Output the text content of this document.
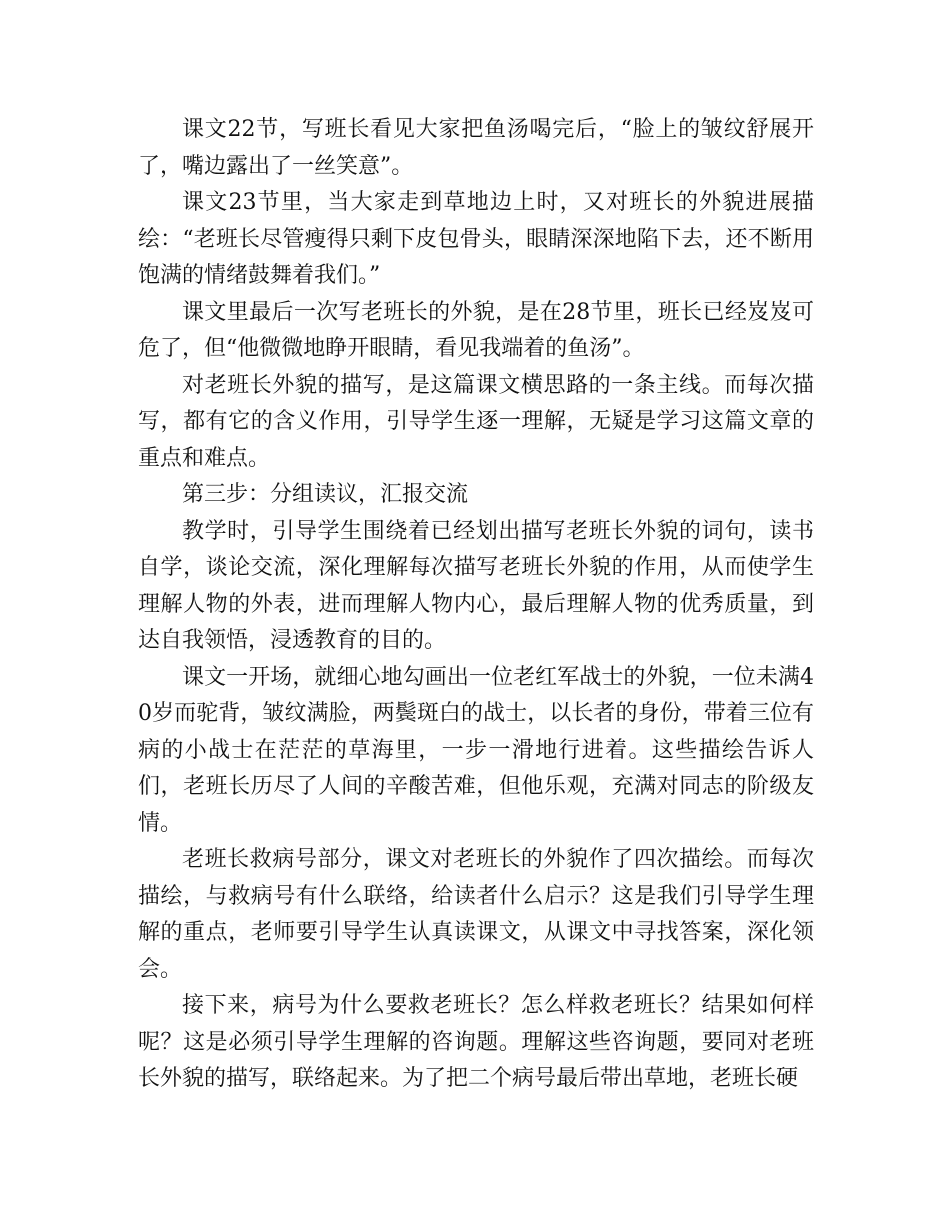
课文22节，写班长看见大家把鱼汤喝完后，“脸上的皱纹舒展开了，嘴边露出了一丝笑意”。

课文23节里，当大家走到草地边上时，又对班长的外貌进展描绘：“老班长尽管瘦得只剩下皮包骨头，眼睛深深地陷下去，还不断用饱满的情绪鼓舞着我们。”

课文里最后一次写老班长的外貌，是在28节里，班长已经岌岌可危了，但“他微微地睁开眼睛，看见我端着的鱼汤”。

对老班长外貌的描写，是这篇课文横思路的一条主线。而每次描写，都有它的含义作用，引导学生逐一理解，无疑是学习这篇文章的重点和难点。

第三步：分组读议，汇报交流

教学时，引导学生围绕着已经划出描写老班长外貌的词句，读书自学，谈论交流，深化理解每次描写老班长外貌的作用，从而使学生理解人物的外表，进而理解人物内心，最后理解人物的优秀质量，到达自我领悟，浸透教育的目的。

课文一开场，就细心地勾画出一位老红军战士的外貌，一位未满40岁而驼背，皱纹满脸，两鬓斑白的战士，以长者的身份，带着三位有病的小战士在茫茫的草海里，一步一滑地行进着。这些描绘告诉人们，老班长历尽了人间的辛酸苦难，但他乐观，充满对同志的阶级友情。

老班长救病号部分，课文对老班长的外貌作了四次描绘。而每次描绘，与救病号有什么联络，给读者什么启示？这是我们引导学生理解的重点，老师要引导学生认真读课文，从课文中寻找答案，深化领会。

接下来，病号为什么要救老班长？怎么样救老班长？结果如何样呢？这是必须引导学生理解的咨询题。理解这些咨询题，要同对老班长外貌的描写，联络起来。为了把二个病号最后带出草地，老班长硬
